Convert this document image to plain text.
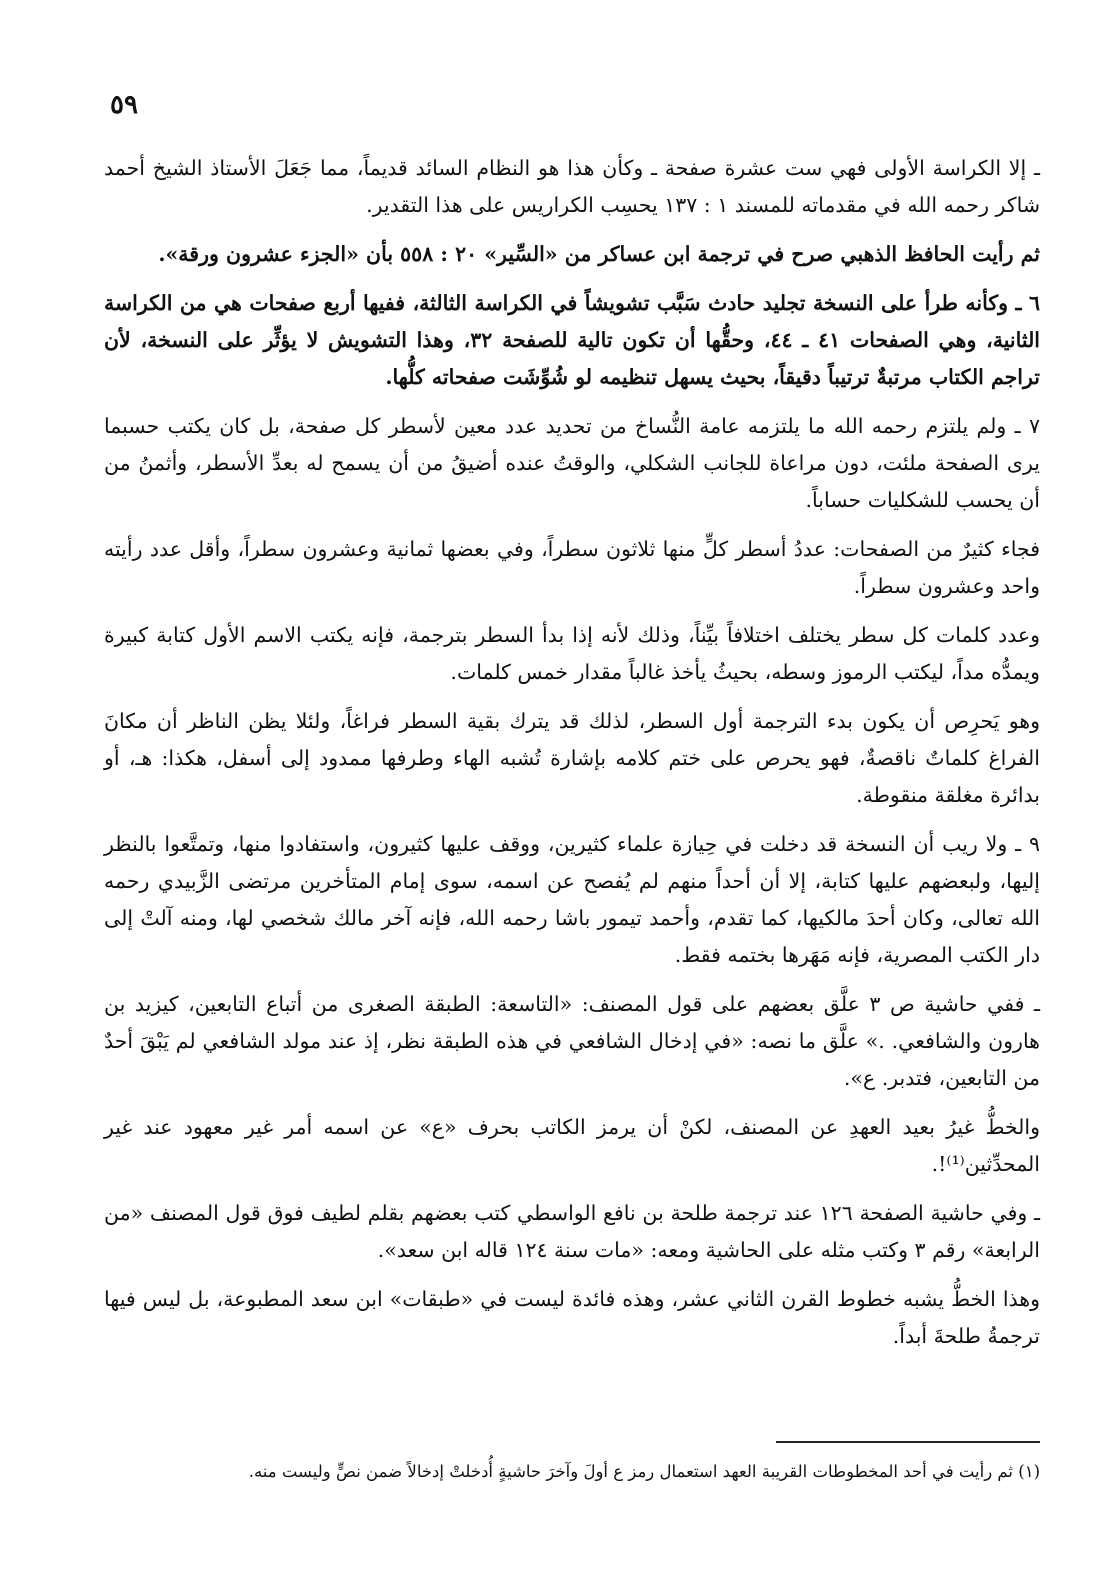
٥٩

ـ إلا الكراسة الأولى فهي ست عشرة صفحة ـ وكأن هذا هو النظام السائد قديماً، مما جَعَلَ الأستاذ الشيخ أحمد شاكر رحمه الله في مقدماته للمسند ١ : ١٣٧ يحسِب الكراريس على هذا التقدير.

ثم رأيت الحافظ الذهبي صرح في ترجمة ابن عساكر من «السِّير» ٢٠ : ٥٥٨ بأن «الجزء عشرون ورقة».

٦ ـ وكأنه طرأ على النسخة تجليد حادث سَبَّب تشويشاً في الكراسة الثالثة، ففيها أربع صفحات هي من الكراسة الثانية، وهي الصفحات ٤١ ـ ٤٤، وحقُّها أن تكون تالية للصفحة ٣٢، وهذا التشويش لا يؤثِّر على النسخة، لأن تراجم الكتاب مرتبةٌ ترتيباً دقيقاً، بحيث يسهل تنظيمه لو شُوِّشَت صفحاته كلُّها.

٧ ـ ولم يلتزم رحمه الله ما يلتزمه عامة النُّساخ من تحديد عدد معين لأسطر كل صفحة، بل كان يكتب حسبما يرى الصفحة ملئت، دون مراعاة للجانب الشكلي، والوقتُ عنده أضيقُ من أن يسمح له بعدِّ الأسطر، وأثمنُ من أن يحسب للشكليات حساباً.

فجاء كثيرٌ من الصفحات: عددُ أسطر كلٍّ منها ثلاثون سطراً، وفي بعضها ثمانية وعشرون سطراً، وأقل عدد رأيته واحد وعشرون سطراً.

وعدد كلمات كل سطر يختلف اختلافاً بيِّناً، وذلك لأنه إذا بدأ السطر بترجمة، فإنه يكتب الاسم الأول كتابة كبيرة ويمدُّه مداً، ليكتب الرموز وسطه، بحيثُ يأخذ غالباً مقدار خمس كلمات.

وهو يَحرِص أن يكون بدء الترجمة أول السطر، لذلك قد يترك بقية السطر فراغاً، ولئلا يظن الناظر أن مكانَ الفراغ كلماتٌ ناقصةٌ، فهو يحرص على ختم كلامه بإشارة تُشبه الهاء وطرفها ممدود إلى أسفل، هكذا: هـ، أو بدائرة مغلقة منقوطة.

٩ ـ ولا ريب أن النسخة قد دخلت في حِيازة علماء كثيرين، ووقف عليها كثيرون، واستفادوا منها، وتمتَّعوا بالنظر إليها، ولبعضهم عليها كتابة، إلا أن أحداً منهم لم يُفصح عن اسمه، سوى إمام المتأخرين مرتضى الزَّبيدي رحمه الله تعالى، وكان أحدَ مالكيها، كما تقدم، وأحمد تيمور باشا رحمه الله، فإنه آخر مالك شخصي لها، ومنه آلتْ إلى دار الكتب المصرية، فإنه مَهَرها بختمه فقط.

ـ ففي حاشية ص ٣ علَّق بعضهم على قول المصنف: «التاسعة: الطبقة الصغرى من أتباع التابعين، كيزيد بن هارون والشافعي. .» علَّق ما نصه: «في إدخال الشافعي في هذه الطبقة نظر، إذ عند مولد الشافعي لم يَبْقَ أحدٌ من التابعين، فتدبر. ع».

والخطُّ غيرُ بعيد العهدِ عن المصنف، لكنْ أن يرمز الكاتب بحرف «ع» عن اسمه أمر غير معهود عند غير المحدِّثين⁽¹⁾!.

ـ وفي حاشية الصفحة ١٢٦ عند ترجمة طلحة بن نافع الواسطي كتب بعضهم بقلم لطيف فوق قول المصنف «من الرابعة» رقم ٣ وكتب مثله على الحاشية ومعه: «مات سنة ١٢٤ قاله ابن سعد».

وهذا الخطُّ يشبه خطوط القرن الثاني عشر، وهذه فائدة ليست في «طبقات» ابن سعد المطبوعة، بل ليس فيها ترجمةُ طلحةَ أبداً.

(١) ثم رأيت في أحد المخطوطات القريبة العهد استعمال رمز ع أولَ وآخرَ حاشيةٍ أُدخلتْ إدخالاً ضمن نصٍّ وليست منه.
